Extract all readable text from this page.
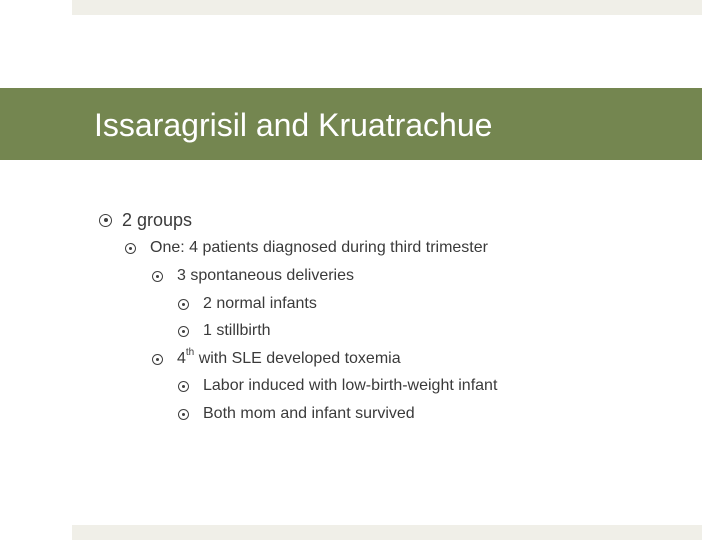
Issaragrisil and Kruatrachue
2 groups
One: 4 patients diagnosed during third trimester
3 spontaneous deliveries
2 normal infants
1 stillbirth
4th with SLE developed toxemia
Labor induced with low-birth-weight infant
Both mom and infant survived
